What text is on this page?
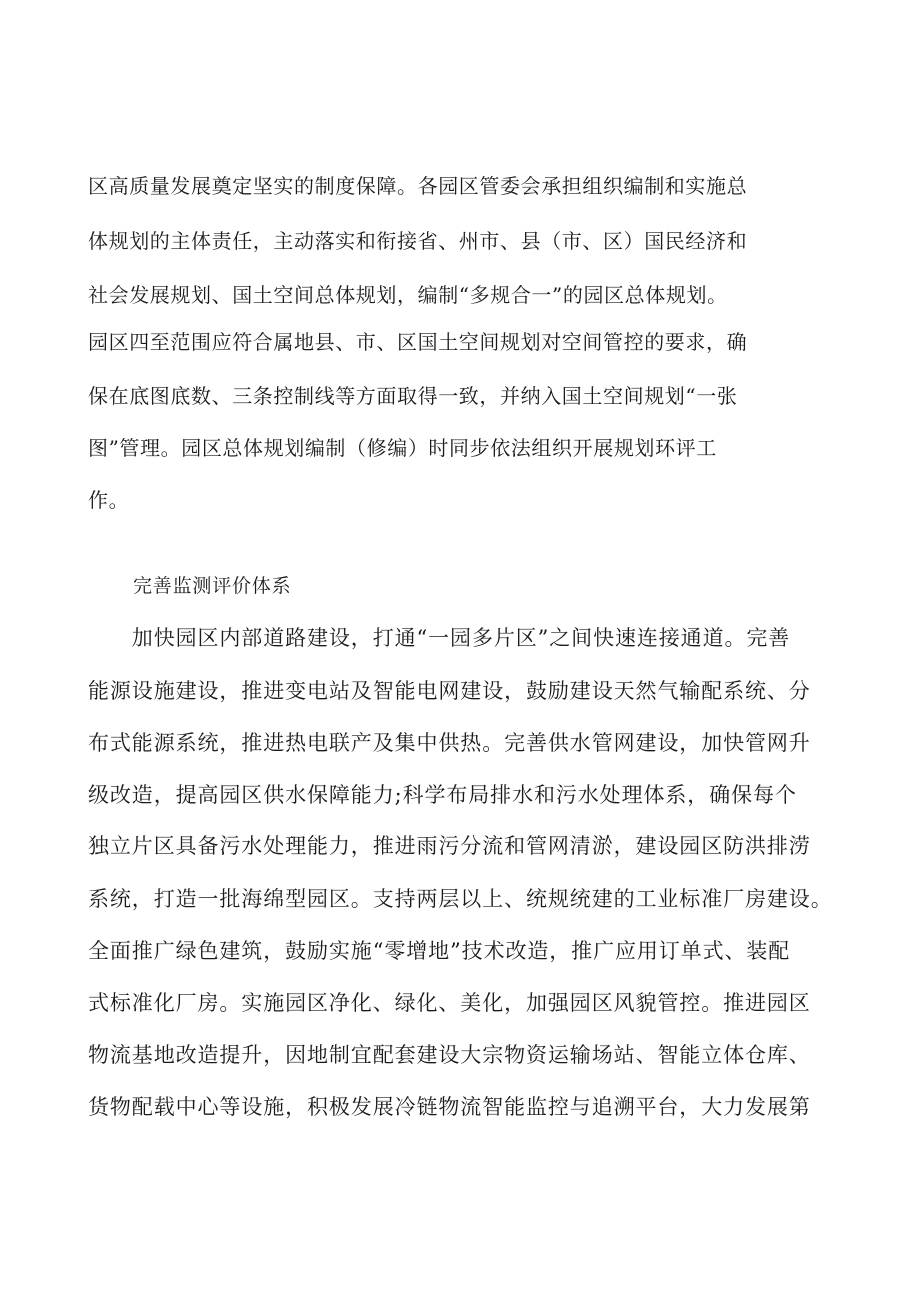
区高质量发展奠定坚实的制度保障。各园区管委会承担组织编制和实施总
体规划的主体责任，主动落实和衔接省、州市、县（市、区）国民经济和
社会发展规划、国土空间总体规划，编制“多规合一”的园区总体规划。
园区四至范围应符合属地县、市、区国土空间规划对空间管控的要求，确
保在底图底数、三条控制线等方面取得一致，并纳入国土空间规划“一张
图”管理。园区总体规划编制（修编）时同步依法组织开展规划环评工
作。
完善监测评价体系
　　加快园区内部道路建设，打通“一园多片区”之间快速连接通道。完善
能源设施建设，推进变电站及智能电网建设，鼓励建设天然气输配系统、分
布式能源系统，推进热电联产及集中供热。完善供水管网建设，加快管网升
级改造，提高园区供水保障能力;科学布局排水和污水处理体系，确保每个
独立片区具备污水处理能力，推进雨污分流和管网清淤，建设园区防洪排涝
系统，打造一批海绵型园区。支持两层以上、统规统建的工业标准厂房建设。
全面推广绿色建筑，鼓励实施“零增地”技术改造，推广应用订单式、装配
式标准化厂房。实施园区净化、绿化、美化，加强园区风貌管控。推进园区
物流基地改造提升，因地制宜配套建设大宗物资运输场站、智能立体仓库、
货物配载中心等设施，积极发展冷链物流智能监控与追溯平台，大力发展第
